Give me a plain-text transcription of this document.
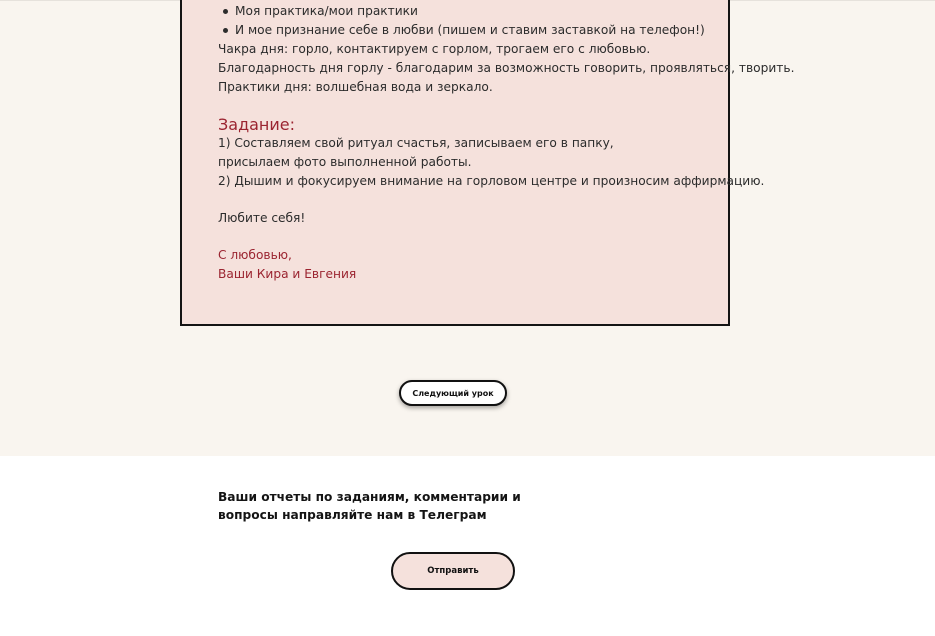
Моя практика/мои практики
И мое признание себе в любви (пишем и ставим заставкой на телефон!)
Чакра дня: горло, контактируем с горлом, трогаем его с любовью.
Благодарность дня горлу - благодарим за возможность говорить, проявляться, творить.
Практики дня: волшебная вода и зеркало.
Задание:
1) Составляем свой ритуал счастья, записываем его в папку, присылаем фото выполненной работы.
2) Дышим и фокусируем внимание на горловом центре и произносим аффирмацию.
Любите себя!
С любовью,
Ваши Кира и Евгения
Следующий урок
Ваши отчеты по заданиям, комментарии и вопросы направляйте нам в Телеграм
Отправить
